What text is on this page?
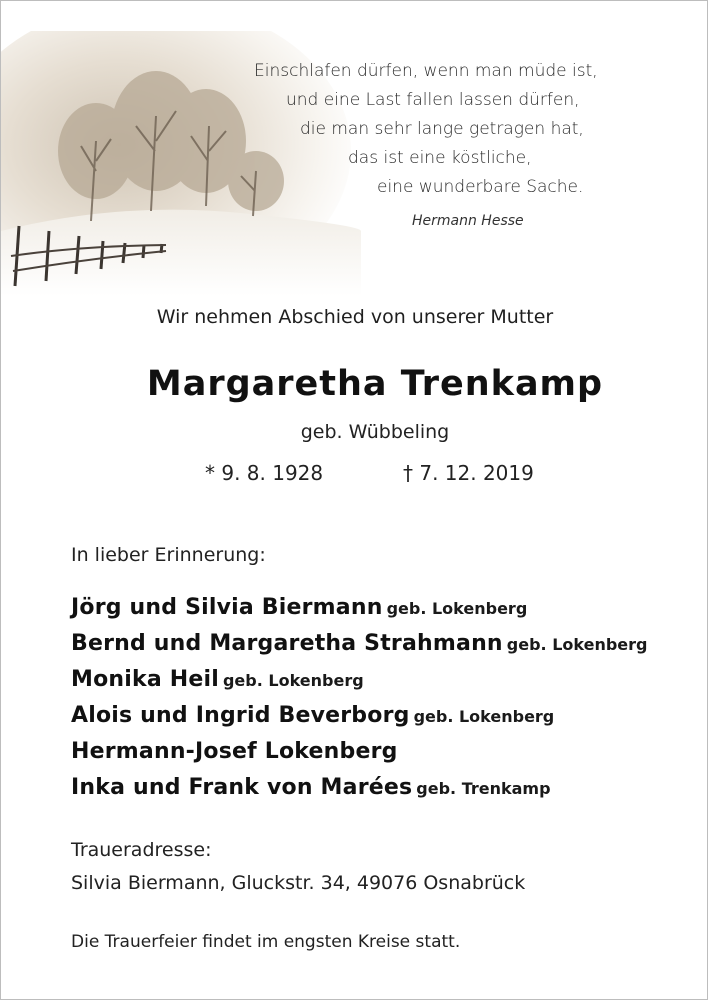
Einschlafen dürfen, wenn man müde ist,
und eine Last fallen lassen dürfen,
die man sehr lange getragen hat,
das ist eine köstliche,
eine wunderbare Sache.
Hermann Hesse
Wir nehmen Abschied von unserer Mutter
Margaretha Trenkamp
geb. Wübbeling
* 9. 8. 1928	† 7. 12. 2019
In lieber Erinnerung:
Jörg und Silvia Biermann geb. Lokenberg
Bernd und Margaretha Strahmann geb. Lokenberg
Monika Heil geb. Lokenberg
Alois und Ingrid Beverborg geb. Lokenberg
Hermann-Josef Lokenberg
Inka und Frank von Marées geb. Trenkamp
Traueradresse:
Silvia Biermann, Gluckstr. 34, 49076 Osnabrück
Die Trauerfeier findet im engsten Kreise statt.
